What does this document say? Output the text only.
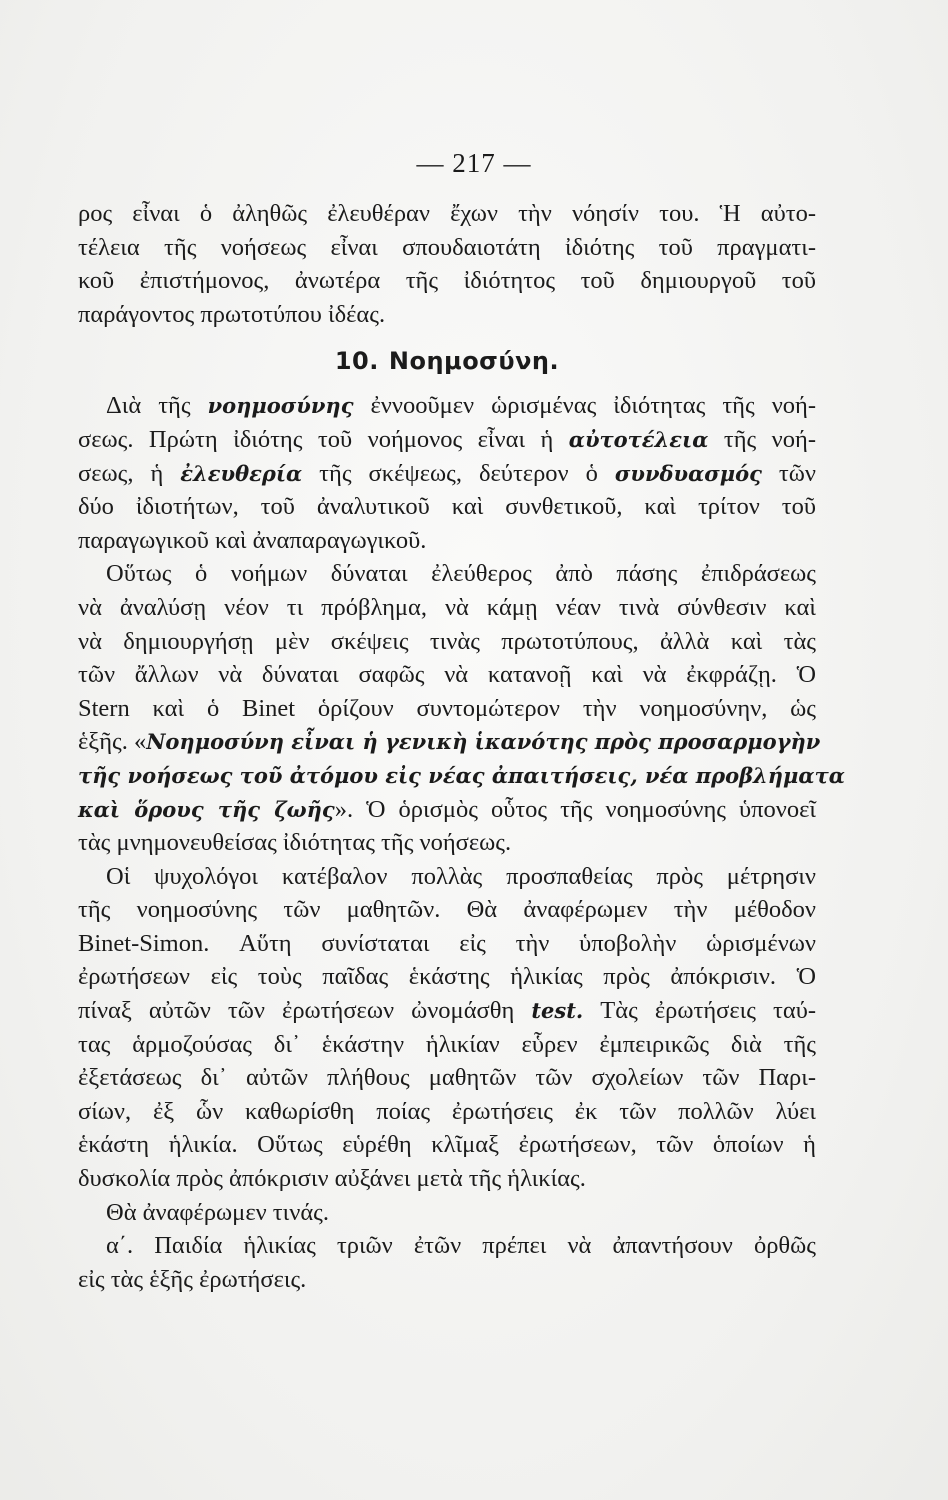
— 217 —
ρος εἶναι ὁ ἀληθῶς ἐλευθέραν ἔχων τὴν νόησίν του. Ἡ αὐτο-
τέλεια τῆς νοήσεως εἶναι σπουδαιοτάτη ἰδιότης τοῦ πραγματι-
κοῦ ἐπιστήμονος, ἀνωτέρα τῆς ἰδιότητος τοῦ δημιουργοῦ τοῦ
παράγοντος πρωτοτύπου ἰδέας.
10. Νοημοσύνη.
Διὰ τῆς νοημοσύνης ἐννοοῦμεν ὡρισμένας ἰδιότητας τῆς νοή-
σεως. Πρώτη ἰδιότης τοῦ νοήμονος εἶναι ἡ αὐτοτέλεια τῆς νοή-
σεως, ἡ ἐλευθερία τῆς σκέψεως, δεύτερον ὁ συνδυασμός τῶν
δύο ἰδιοτήτων, τοῦ ἀναλυτικοῦ καὶ συνθετικοῦ, καὶ τρίτον τοῦ
παραγωγικοῦ καὶ ἀναπαραγωγικοῦ.
Οὕτως ὁ νοήμων δύναται ἐλεύθερος ἀπὸ πάσης ἐπιδράσεως
νὰ ἀναλύσῃ νέον τι πρόβλημα, νὰ κάμῃ νέαν τινὰ σύνθεσιν καὶ
νὰ δημιουργήσῃ μὲν σκέψεις τινὰς πρωτοτύπους, ἀλλὰ καὶ τὰς
τῶν ἄλλων νὰ δύναται σαφῶς νὰ κατανοῇ καὶ νὰ ἐκφράζῃ. Ὁ
Stern καὶ ὁ Binet ὁρίζουν συντομώτερον τὴν νοημοσύνην, ὡς
ἑξῆς. «Νοημοσύνη εἶναι ἡ γενικὴ ἱκανότης πρὸς προσαρμογὴν
τῆς νοήσεως τοῦ ἀτόμου εἰς νέας ἀπαιτήσεις, νέα προβλήματα
καὶ ὅρους τῆς ζωῆς». Ὁ ὁρισμὸς οὗτος τῆς νοημοσύνης ὑπονοεῖ
τὰς μνημονευθείσας ἰδιότητας τῆς νοήσεως.
Οἱ ψυχολόγοι κατέβαλον πολλὰς προσπαθείας πρὸς μέτρησιν
τῆς νοημοσύνης τῶν μαθητῶν. Θὰ ἀναφέρωμεν τὴν μέθοδον
Binet-Simon. Αὕτη συνίσταται εἰς τὴν ὑποβολὴν ὡρισμένων
ἐρωτήσεων εἰς τοὺς παῖδας ἑκάστης ἡλικίας πρὸς ἀπόκρισιν. Ὁ
πίναξ αὐτῶν τῶν ἐρωτήσεων ὠνομάσθη test. Τὰς ἐρωτήσεις ταύ-
τας ἁρμοζούσας δι᾽ ἑκάστην ἡλικίαν εὗρεν ἐμπειρικῶς διὰ τῆς
ἐξετάσεως δι᾽ αὐτῶν πλήθους μαθητῶν τῶν σχολείων τῶν Παρι-
σίων, ἐξ ὧν καθωρίσθη ποίας ἐρωτήσεις ἐκ τῶν πολλῶν λύει
ἑκάστη ἡλικία. Οὕτως εὑρέθη κλῖμαξ ἐρωτήσεων, τῶν ὁποίων ἡ
δυσκολία πρὸς ἀπόκρισιν αὐξάνει μετὰ τῆς ἡλικίας.
Θὰ ἀναφέρωμεν τινάς.
α΄. Παιδία ἡλικίας τριῶν ἐτῶν πρέπει νὰ ἀπαντήσουν ὀρθῶς
εἰς τὰς ἑξῆς ἐρωτήσεις.
